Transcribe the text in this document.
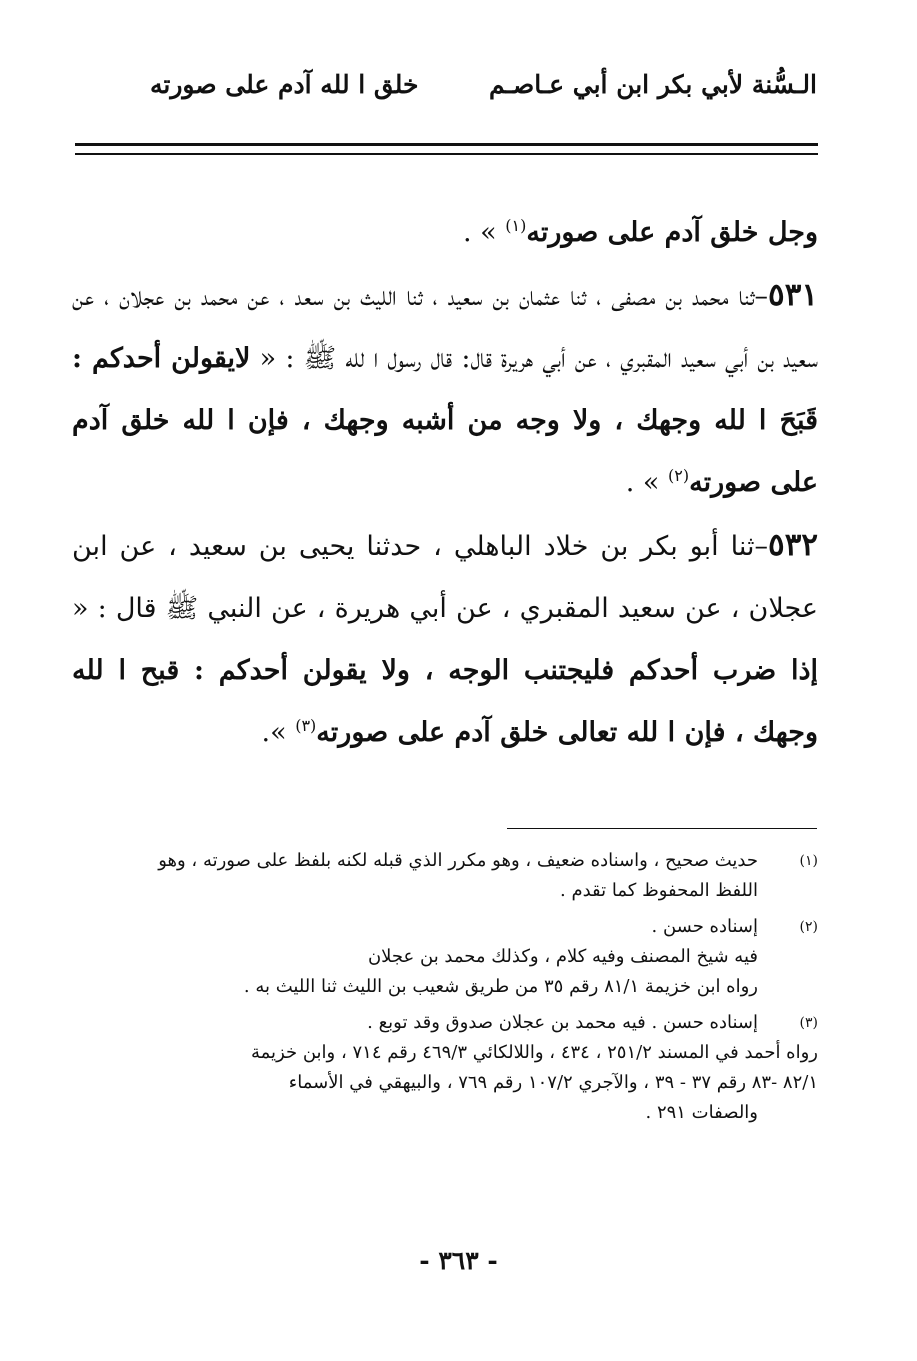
الـسُّنة لأبي بكر ابن أبي عـاصـم
خلق ا لله آدم على صورته

وجل خلق آدم على صورته$^{(١)}$ » .

٥٣١–ثنا محمد بن مصفى ، ثنا عثمان بن سعيد ، ثنا الليث بن سعد ، عن محمد بن عجلان ، عن سعيد بن أبي سعيد المقبري ، عن أبي هريرة قال: قال رسول ا لله ﷺ : « لايقولن أحدكم : قَبَحَ ا لله وجهك ، ولا وجه من أشبه وجهك ، فإن ا لله خلق آدم على صورته$^{(٢)}$ » .

٥٣٢–ثنا أبو بكر بن خلاد الباهلي ، حدثنا يحيى بن سعيد ، عن ابن عجلان ، عن سعيد المقبري ، عن أبي هريرة ، عن النبي ﷺ قال : « إذا ضرب أحدكم فليجتنب الوجه ، ولا يقولن أحدكم : قبح ا لله وجهك ، فإن ا لله تعالى خلق آدم على صورته$^{(٣)}$ ».

(١)
حديث صحيح ، واسناده ضعيف ، وهو مكرر الذي قبله لكنه بلفظ على صورته ، وهو
اللفظ المحفوظ كما تقدم .
(٢)
إسناده حسن .
فيه شيخ المصنف وفيه كلام ، وكذلك محمد بن عجلان
رواه ابن خزيمة ٨١/١ رقم ٣٥ من طريق شعيب بن الليث ثنا الليث به .
(٣)
إسناده حسن . فيه محمد بن عجلان صدوق وقد توبع .
رواه أحمد في المسند ٢٥١/٢ ، ٤٣٤ ، واللالكائي ٤٦٩/٣ رقم ٧١٤ ، وابن خزيمة
٨٢/١ -٨٣ رقم ٣٧ - ٣٩ ، والآجري ١٠٧/٢ رقم ٧٦٩ ، والبيهقي في الأسماء
والصفات ٢٩١ .
- ٣٦٣ -
